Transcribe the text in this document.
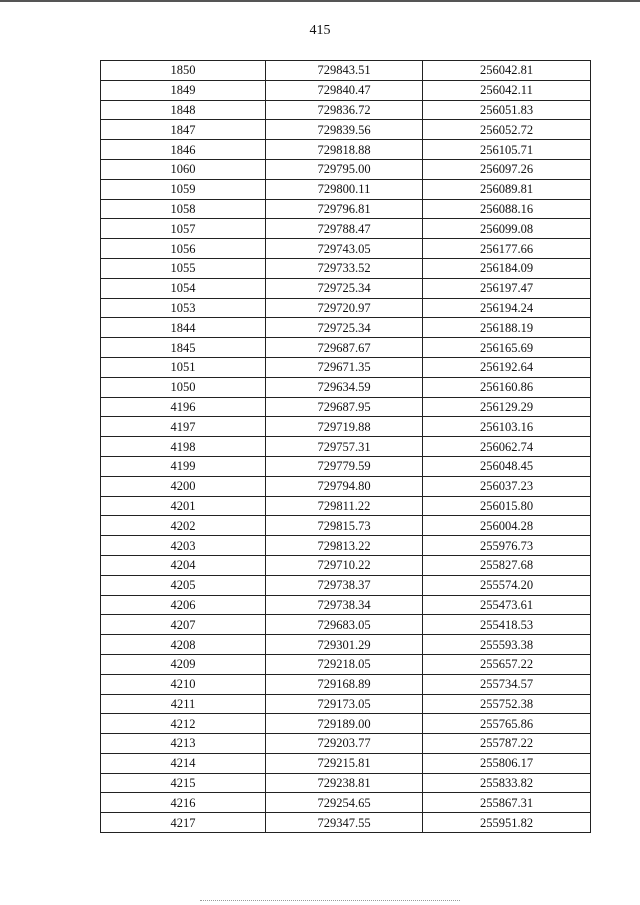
415
1850	729843.51	256042.81
1849	729840.47	256042.11
1848	729836.72	256051.83
1847	729839.56	256052.72
1846	729818.88	256105.71
1060	729795.00	256097.26
1059	729800.11	256089.81
1058	729796.81	256088.16
1057	729788.47	256099.08
1056	729743.05	256177.66
1055	729733.52	256184.09
1054	729725.34	256197.47
1053	729720.97	256194.24
1844	729725.34	256188.19
1845	729687.67	256165.69
1051	729671.35	256192.64
1050	729634.59	256160.86
4196	729687.95	256129.29
4197	729719.88	256103.16
4198	729757.31	256062.74
4199	729779.59	256048.45
4200	729794.80	256037.23
4201	729811.22	256015.80
4202	729815.73	256004.28
4203	729813.22	255976.73
4204	729710.22	255827.68
4205	729738.37	255574.20
4206	729738.34	255473.61
4207	729683.05	255418.53
4208	729301.29	255593.38
4209	729218.05	255657.22
4210	729168.89	255734.57
4211	729173.05	255752.38
4212	729189.00	255765.86
4213	729203.77	255787.22
4214	729215.81	255806.17
4215	729238.81	255833.82
4216	729254.65	255867.31
4217	729347.55	255951.82
